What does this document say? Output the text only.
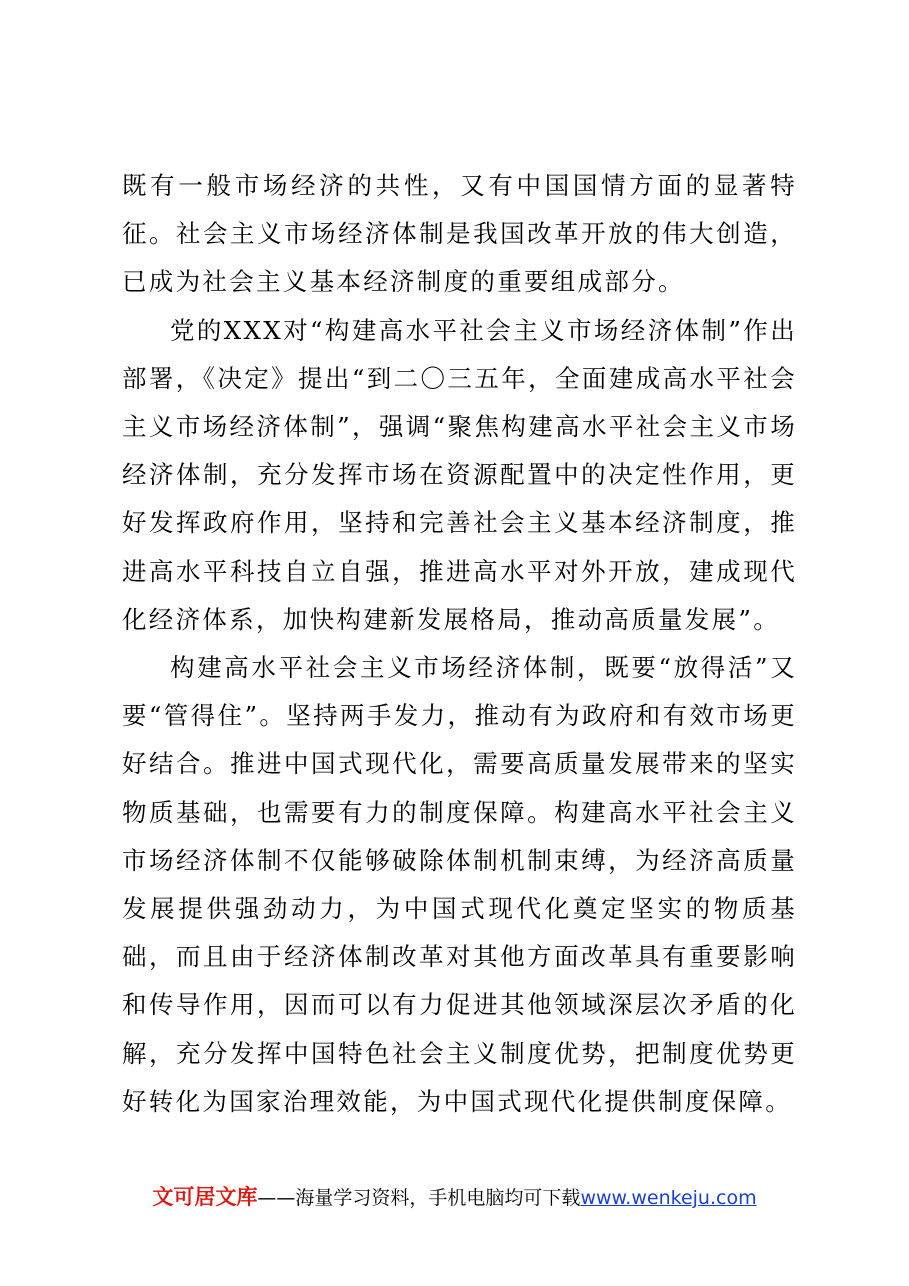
既有一般市场经济的共性，又有中国国情方面的显著特征。社会主义市场经济体制是我国改革开放的伟大创造，已成为社会主义基本经济制度的重要组成部分。

党的XXX对“构建高水平社会主义市场经济体制”作出部署，《决定》提出“到二〇三五年，全面建成高水平社会主义市场经济体制”，强调“聚焦构建高水平社会主义市场经济体制，充分发挥市场在资源配置中的决定性作用，更好发挥政府作用，坚持和完善社会主义基本经济制度，推进高水平科技自立自强，推进高水平对外开放，建成现代化经济体系，加快构建新发展格局，推动高质量发展”。

构建高水平社会主义市场经济体制，既要“放得活”又要“管得住”。坚持两手发力，推动有为政府和有效市场更好结合。推进中国式现代化，需要高质量发展带来的坚实物质基础，也需要有力的制度保障。构建高水平社会主义市场经济体制不仅能够破除体制机制束缚，为经济高质量发展提供强劲动力，为中国式现代化奠定坚实的物质基础，而且由于经济体制改革对其他方面改革具有重要影响和传导作用，因而可以有力促进其他领域深层次矛盾的化解，充分发挥中国特色社会主义制度优势，把制度优势更好转化为国家治理效能，为中国式现代化提供制度保障。

文可居文库——海量学习资料，手机电脑均可下载www.wenkeju.com
